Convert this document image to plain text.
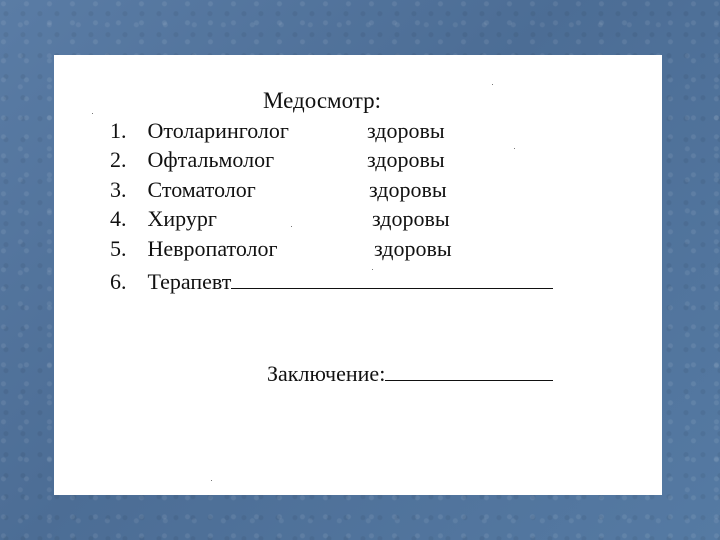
Медосмотр:
1. Отоларинголог	здоровы
2. Офтальмолог	здоровы
3. Стоматолог	здоровы
4. Хирург	здоровы
5. Невропатолог	здоровы
6. Терапевт
Заключение:
